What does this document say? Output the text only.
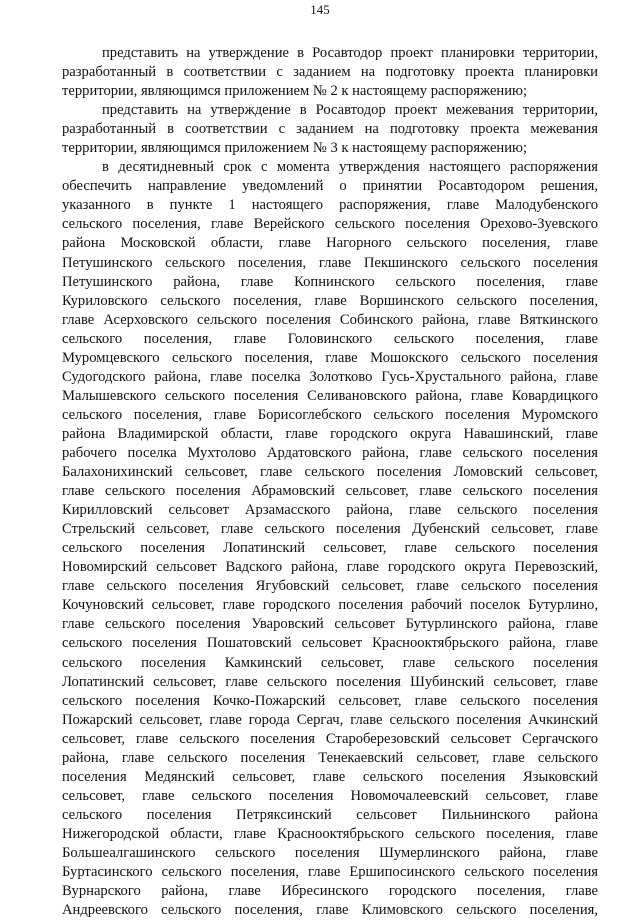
145
представить на утверждение в Росавтодор проект планировки территории,
разработанный в соответствии с заданием на подготовку проекта планировки
территории, являющимся приложением № 2 к настоящему распоряжению;
представить на утверждение в Росавтодор проект межевания территории,
разработанный в соответствии с заданием на подготовку проекта межевания
территории, являющимся приложением № 3 к настоящему распоряжению;
в десятидневный срок с момента утверждения настоящего распоряжения
обеспечить направление уведомлений о принятии Росавтодором решения,
указанного в пункте 1 настоящего распоряжения, главе Малодубенского
сельского поселения, главе Верейского сельского поселения Орехово-Зуевского
района Московской области, главе Нагорного сельского поселения, главе
Петушинского сельского поселения, главе Пекшинского сельского поселения
Петушинского района, главе Копнинского сельского поселения, главе
Куриловского сельского поселения, главе Воршинского сельского поселения,
главе Асерховского сельского поселения Собинского района, главе Вяткинского
сельского поселения, главе Головинского сельского поселения, главе
Муромцевского сельского поселения, главе Мошокского сельского поселения
Судогодского района, главе поселка Золотково Гусь-Хрустального района, главе
Малышевского сельского поселения Селивановского района, главе Ковардицкого
сельского поселения, главе Борисоглебского сельского поселения Муромского
района Владимирской области, главе городского округа Навашинский, главе
рабочего поселка Мухтолово Ардатовского района, главе сельского поселения
Балахонихинский сельсовет, главе сельского поселения Ломовский сельсовет,
главе сельского поселения Абрамовский сельсовет, главе сельского поселения
Кирилловский сельсовет Арзамасского района, главе сельского поселения
Стрельский сельсовет, главе сельского поселения Дубенский сельсовет, главе
сельского поселения Лопатинский сельсовет, главе сельского поселения
Новомирский сельсовет Вадского района, главе городского округа Перевозский,
главе сельского поселения Ягубовский сельсовет, главе сельского поселения
Кочуновский сельсовет, главе городского поселения рабочий поселок Бутурлино,
главе сельского поселения Уваровский сельсовет Бутурлинского района, главе
сельского поселения Пошатовский сельсовет Краснооктябрьского района, главе
сельского поселения Камкинский сельсовет, главе сельского поселения
Лопатинский сельсовет, главе сельского поселения Шубинский сельсовет, главе
сельского поселения Кочко-Пожарский сельсовет, главе сельского поселения
Пожарский сельсовет, главе города Сергач, главе сельского поселения Ачкинский
сельсовет, главе сельского поселения Староберезовский сельсовет Сергачского
района, главе сельского поселения Тенекаевский сельсовет, главе сельского
поселения Медянский сельсовет, главе сельского поселения Языковский
сельсовет, главе сельского поселения Новомочалеевский сельсовет, главе
сельского поселения Петряксинский сельсовет Пильнинского района
Нижегородской области, главе Краснооктябрьского сельского поселения, главе
Большеалгашинского сельского поселения Шумерлинского района, главе
Буртасинского сельского поселения, главе Ершипосинского сельского поселения
Вурнарского района, главе Ибресинского городского поселения, главе
Андреевского сельского поселения, главе Климовского сельского поселения,
